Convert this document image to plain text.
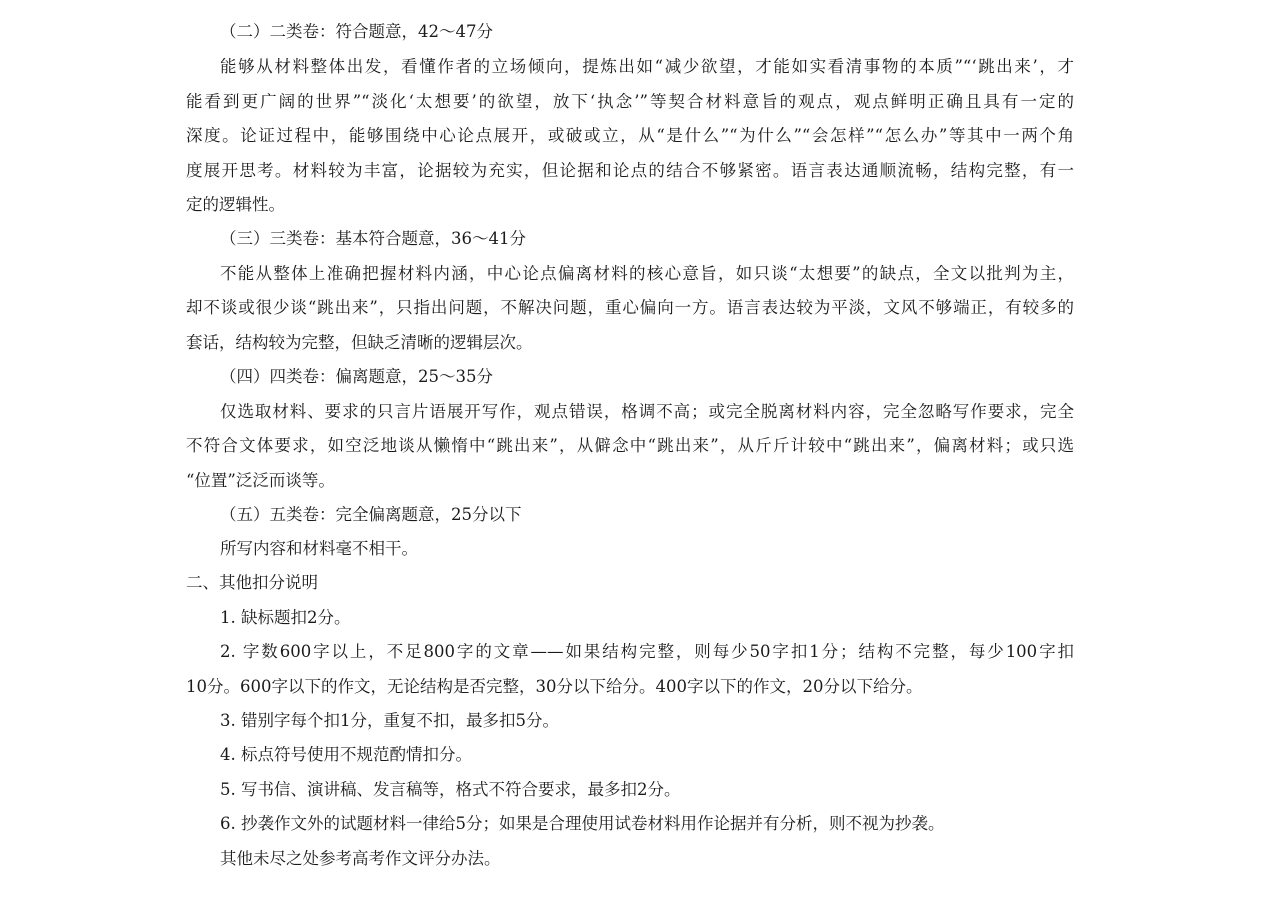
（二）二类卷：符合题意，42～47分
能够从材料整体出发，看懂作者的立场倾向，提炼出如“减少欲望，才能如实看清事物的本质”“‘跳出来’，才
能看到更广阔的世界”“淡化‘太想要’的欲望，放下‘执念’”等契合材料意旨的观点，观点鲜明正确且具有一定的
深度。论证过程中，能够围绕中心论点展开，或破或立，从“是什么”“为什么”“会怎样”“怎么办”等其中一两个角
度展开思考。材料较为丰富，论据较为充实，但论据和论点的结合不够紧密。语言表达通顺流畅，结构完整，有一
定的逻辑性。
（三）三类卷：基本符合题意，36～41分
不能从整体上准确把握材料内涵，中心论点偏离材料的核心意旨，如只谈“太想要”的缺点，全文以批判为主，
却不谈或很少谈“跳出来”，只指出问题，不解决问题，重心偏向一方。语言表达较为平淡，文风不够端正，有较多的
套话，结构较为完整，但缺乏清晰的逻辑层次。
（四）四类卷：偏离题意，25～35分
仅选取材料、要求的只言片语展开写作，观点错误，格调不高；或完全脱离材料内容，完全忽略写作要求，完全
不符合文体要求，如空泛地谈从懒惰中“跳出来”，从僻念中“跳出来”，从斤斤计较中“跳出来”，偏离材料；或只选
“位置”泛泛而谈等。
（五）五类卷：完全偏离题意，25分以下
所写内容和材料毫不相干。
二、其他扣分说明
1. 缺标题扣2分。
2. 字数600字以上，不足800字的文章——如果结构完整，则每少50字扣1分；结构不完整，每少100字扣
10分。600字以下的作文，无论结构是否完整，30分以下给分。400字以下的作文，20分以下给分。
3. 错别字每个扣1分，重复不扣，最多扣5分。
4. 标点符号使用不规范酌情扣分。
5. 写书信、演讲稿、发言稿等，格式不符合要求，最多扣2分。
6. 抄袭作文外的试题材料一律给5分；如果是合理使用试卷材料用作论据并有分析，则不视为抄袭。
其他未尽之处参考高考作文评分办法。
